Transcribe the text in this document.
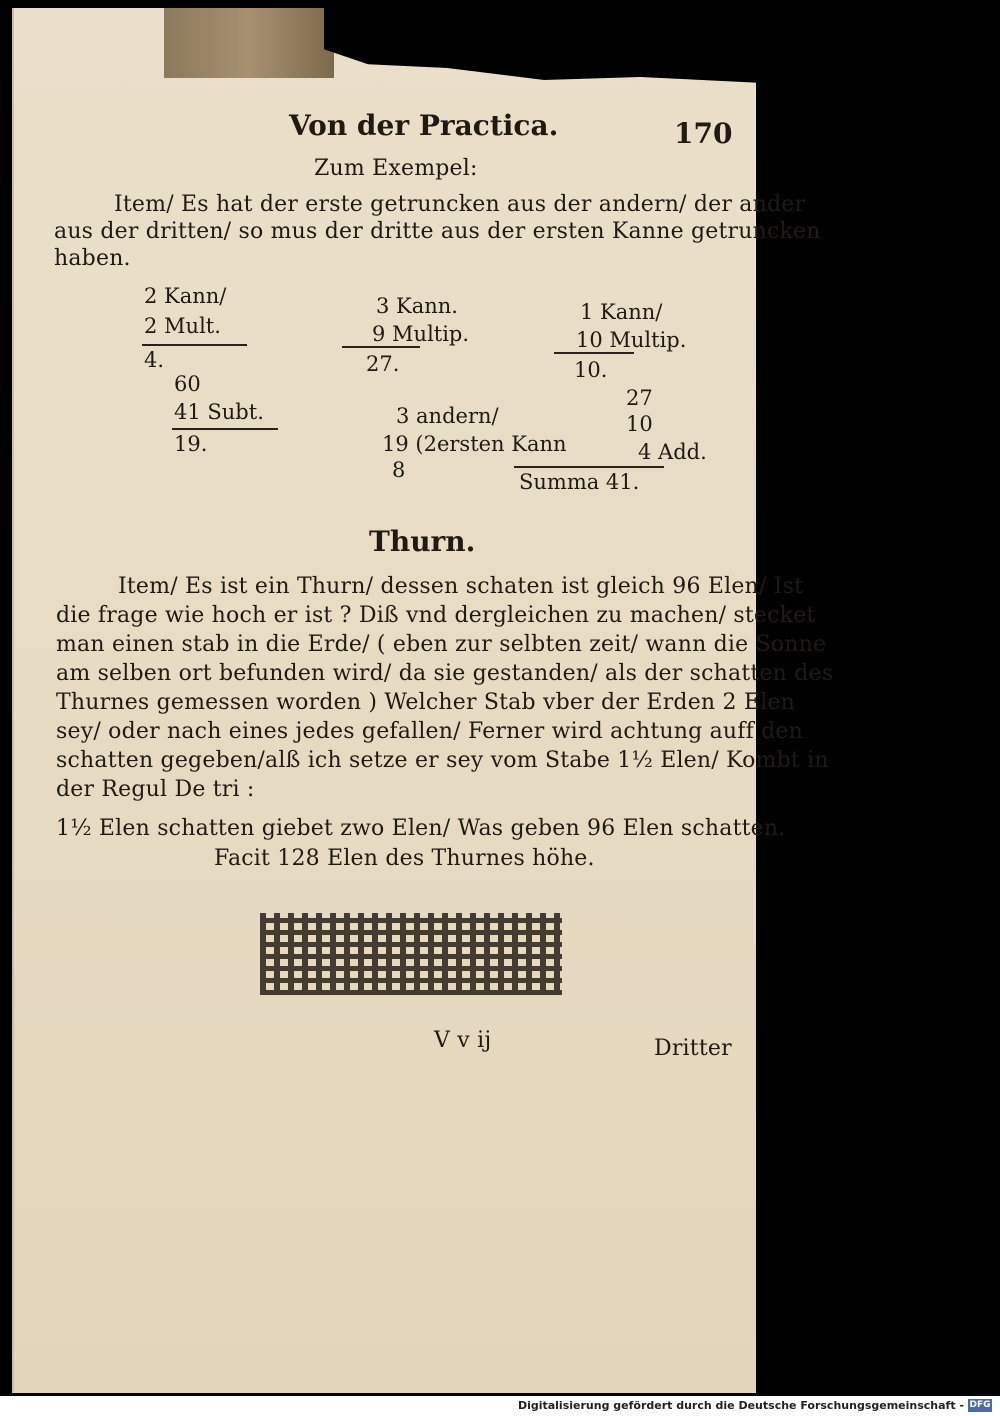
Von der Practica.	170
Zum Exempel:
Item/ Es hat der erste getruncken aus der andern/ der ander
aus der dritten/ so mus der dritte aus der ersten Kanne getruncken
haben.
2 Kann/
2 Mult.
4.
3 Kann.
9 Multip.
27.
1 Kann/
10 Multip.
10.
60
41 Subt.
19.
3 andern/
19 (2ersten Kann
8
27
10
4 Add.
Summa 41.
Thurn.
Item/ Es ist ein Thurn/ dessen schaten ist gleich 96 Elen/ Ist
die frage wie hoch er ist ? Diß vnd dergleichen zu machen/ stecket
man einen stab in die Erde/ ( eben zur selbten zeit/ wann die Sonne
am selben ort befunden wird/ da sie gestanden/ als der schatten des
Thurnes gemessen worden ) Welcher Stab vber der Erden 2 Elen
sey/ oder nach eines jedes gefallen/ Ferner wird achtung auff den
schatten gegeben/alß ich setze er sey vom Stabe 1½ Elen/ Kombt in
der Regul De tri :
1½ Elen schatten giebet zwo Elen/ Was geben 96 Elen schatten.
Facit 128 Elen des Thurnes höhe.
V v ij	Dritter
Digitalisierung gefördert durch die Deutsche Forschungsgemeinschaft - DFG
